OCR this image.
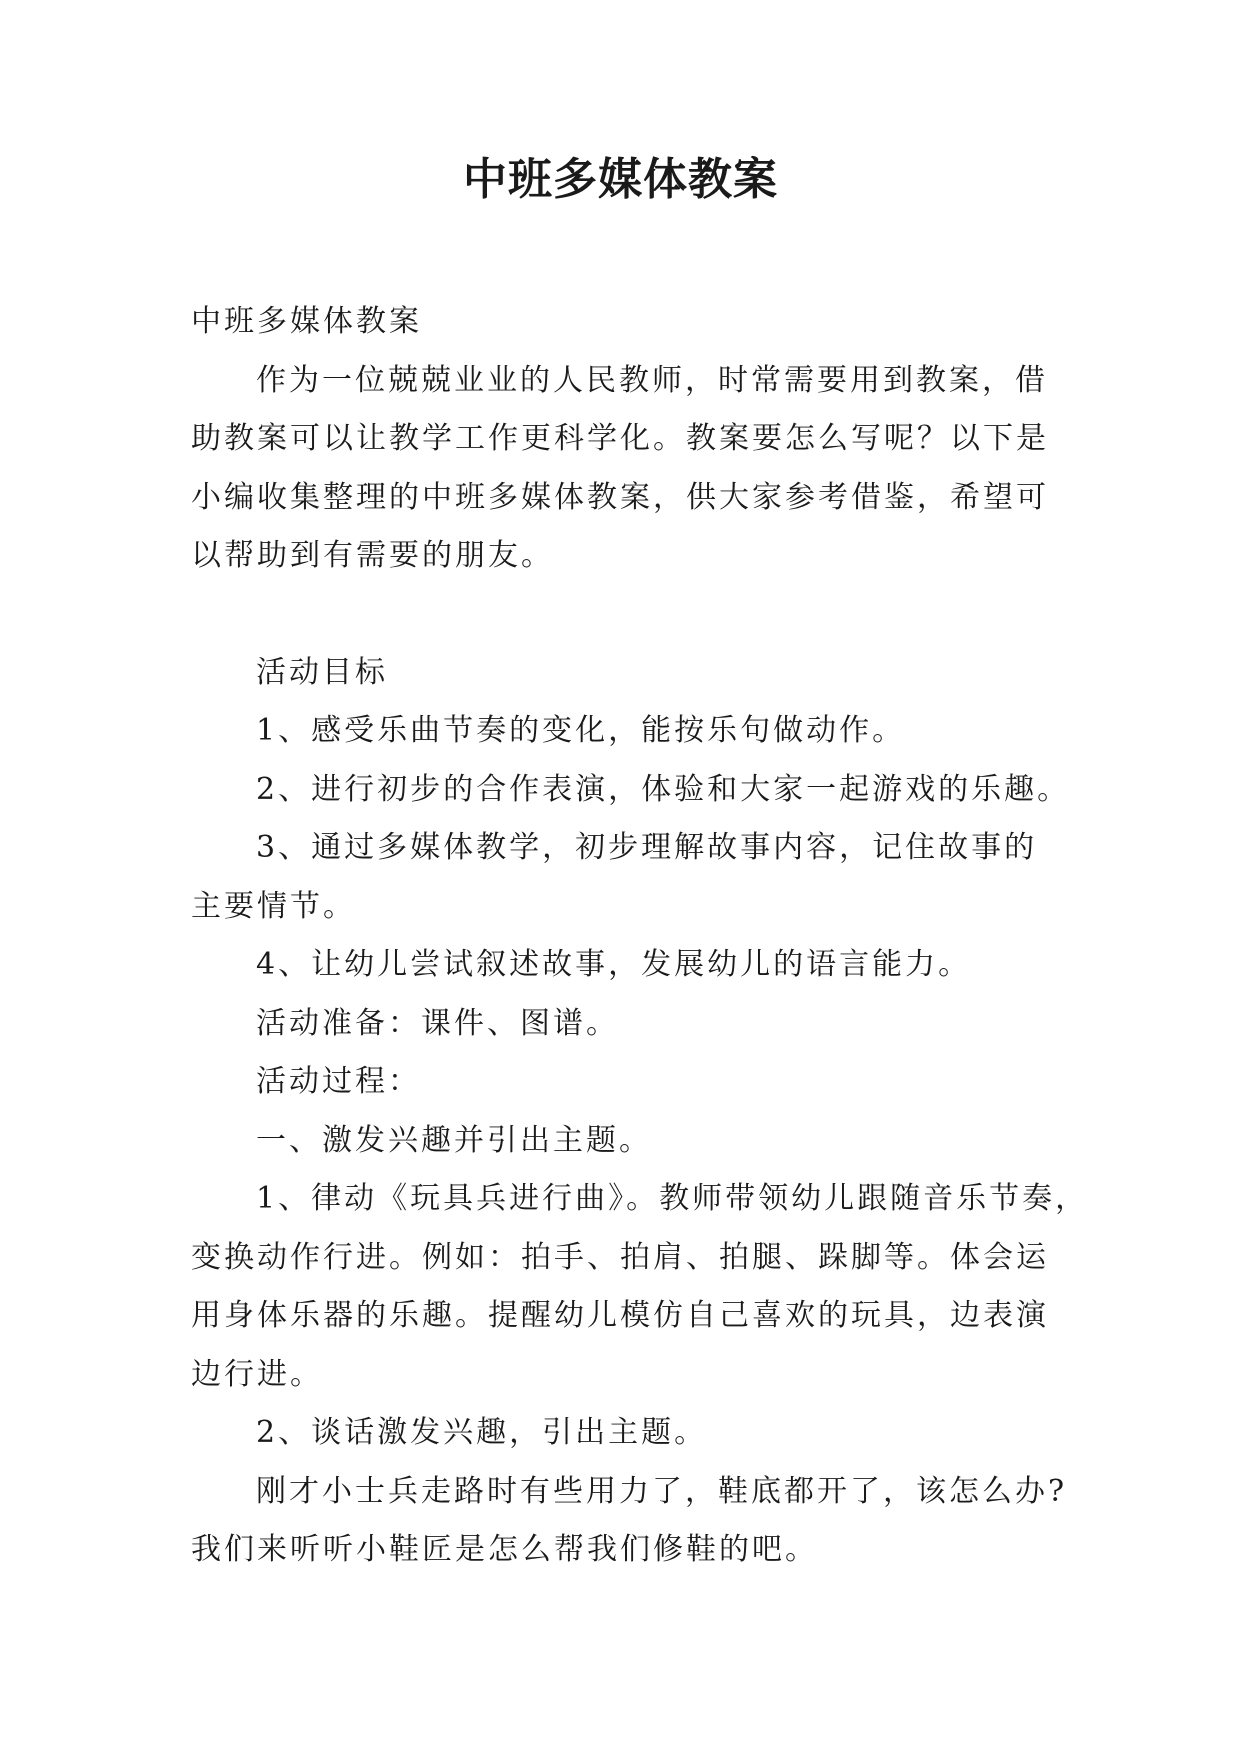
中班多媒体教案

中班多媒体教案

作为一位兢兢业业的人民教师，时常需要用到教案，借

助教案可以让教学工作更科学化。教案要怎么写呢？以下是

小编收集整理的中班多媒体教案，供大家参考借鉴，希望可

以帮助到有需要的朋友。

活动目标

1、感受乐曲节奏的变化，能按乐句做动作。

2、进行初步的合作表演，体验和大家一起游戏的乐趣。

3、通过多媒体教学，初步理解故事内容，记住故事的

主要情节。

4、让幼儿尝试叙述故事，发展幼儿的语言能力。

活动准备：课件、图谱。

活动过程：

一、激发兴趣并引出主题。

1、律动《玩具兵进行曲》。教师带领幼儿跟随音乐节奏，

变换动作行进。例如：拍手、拍肩、拍腿、跺脚等。体会运

用身体乐器的乐趣。提醒幼儿模仿自己喜欢的玩具，边表演

边行进。

2、谈话激发兴趣，引出主题。

刚才小士兵走路时有些用力了，鞋底都开了，该怎么办?

我们来听听小鞋匠是怎么帮我们修鞋的吧。
